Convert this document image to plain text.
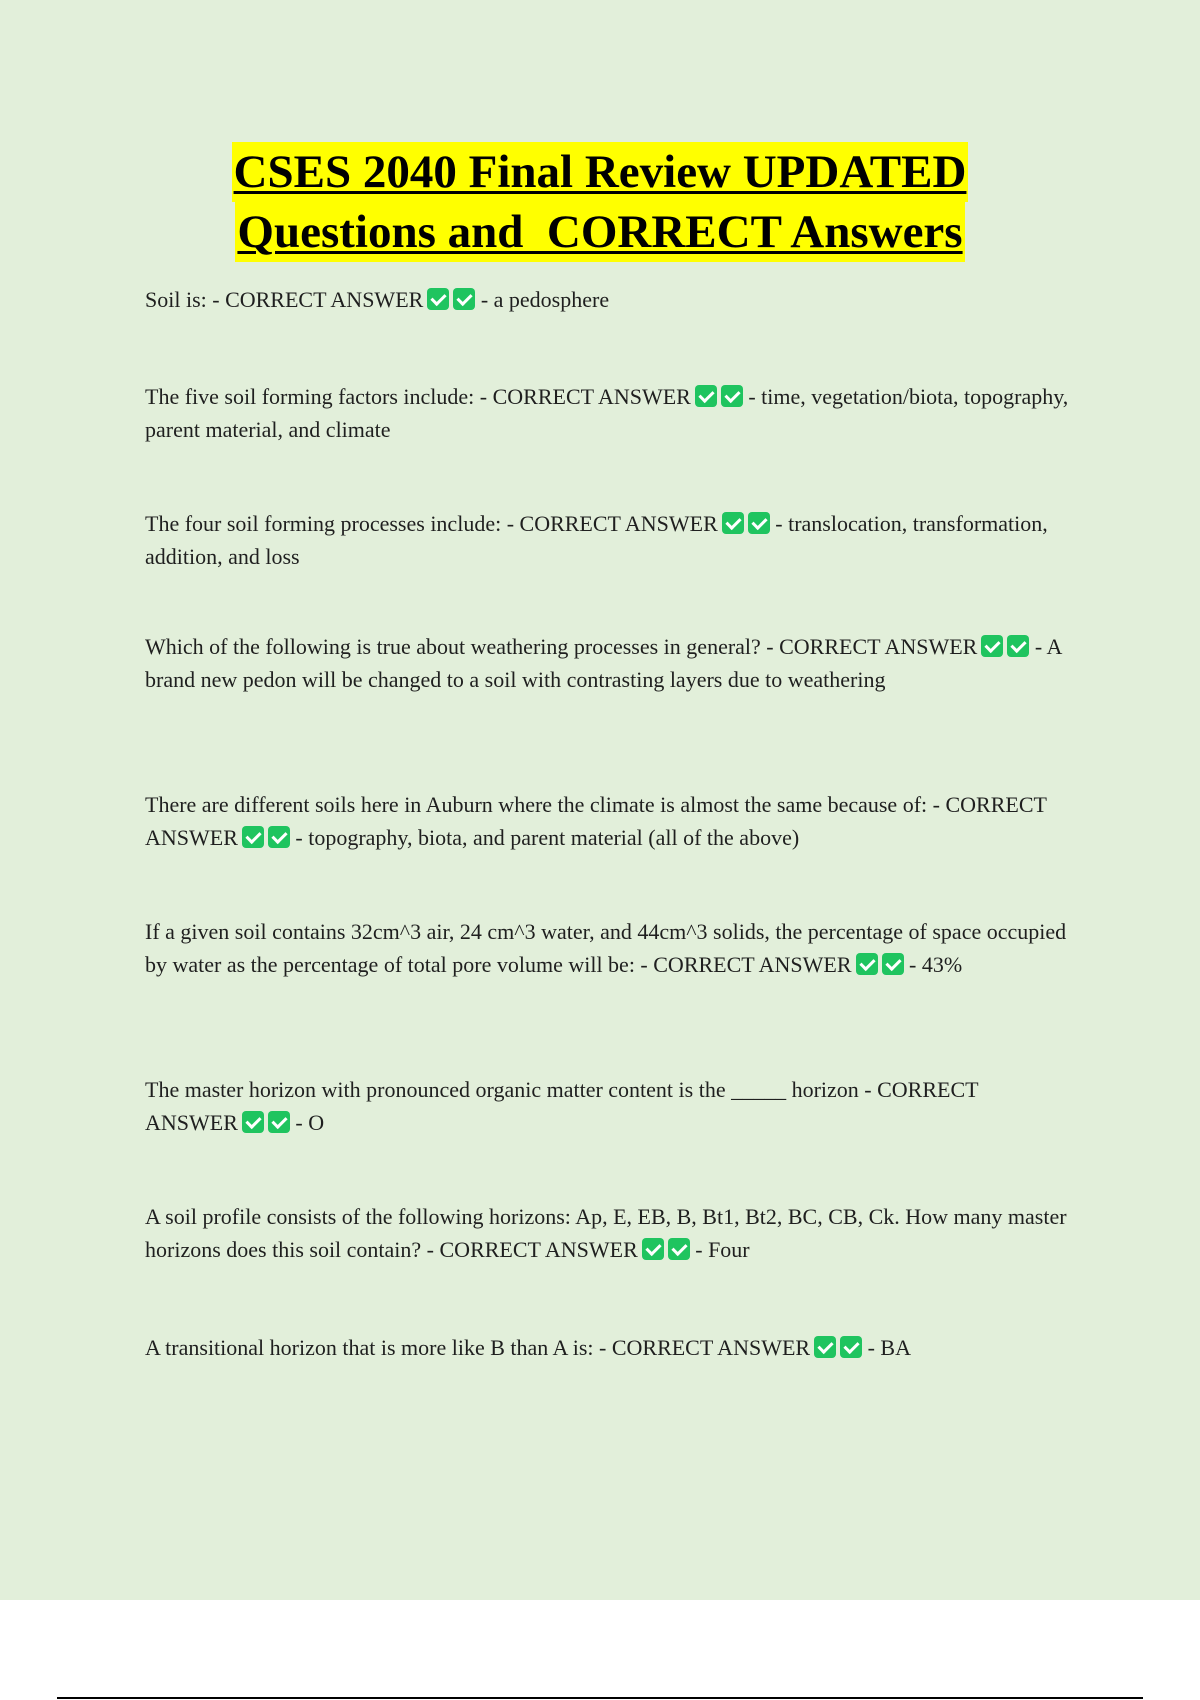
CSES 2040 Final Review UPDATED
Questions and  CORRECT Answers
Soil is: - CORRECT ANSWER	- a pedosphere
The five soil forming factors include: - CORRECT ANSWER	- time, vegetation/biota, topography, parent material, and climate
The four soil forming processes include: - CORRECT ANSWER	- translocation, transformation, addition, and loss
Which of the following is true about weathering processes in general? - CORRECT ANSWER	- A brand new pedon will be changed to a soil with contrasting layers due to weathering
There are different soils here in Auburn where the climate is almost the same because of: - CORRECT ANSWER	- topography, biota, and parent material (all of the above)
If a given soil contains 32cm^3 air, 24 cm^3 water, and 44cm^3 solids, the percentage of space occupied by water as the percentage of total pore volume will be: - CORRECT ANSWER	- 43%
The master horizon with pronounced organic matter content is the _____ horizon - CORRECT ANSWER	- O
A soil profile consists of the following horizons: Ap, E, EB, B, Bt1, Bt2, BC, CB, Ck. How many master horizons does this soil contain? - CORRECT ANSWER	- Four
A transitional horizon that is more like B than A is: - CORRECT ANSWER	- BA
